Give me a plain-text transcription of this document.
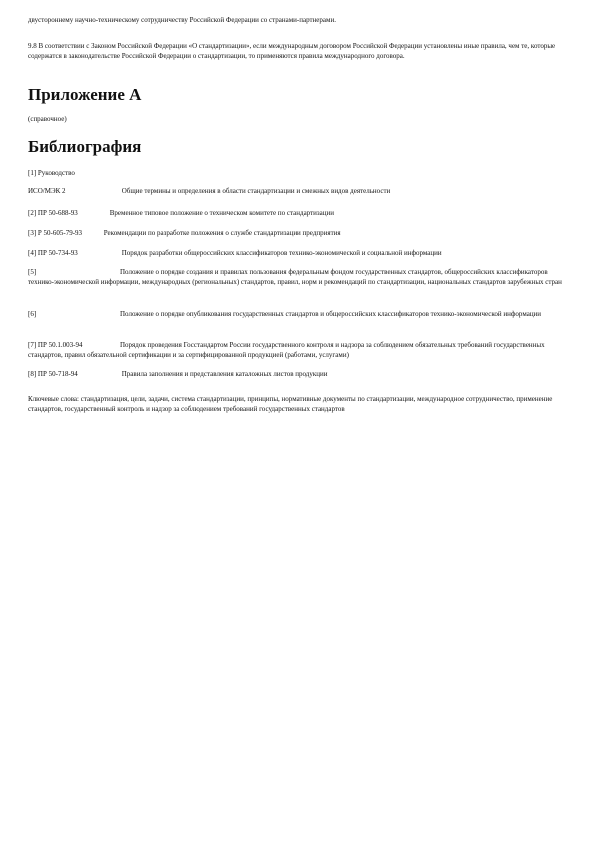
двустороннему научно-техническому сотрудничеству Российской Федерации со странами-партнерами.

9.8 В соответствии с Законом Российской Федерации «О стандартизации», если международным договором Российской Федерации установлены иные правила, чем те, которые содержатся в законодательстве Российской Федерации о стандартизации, то применяются правила международного договора.

Приложение А

(справочное)

Библиография
[1] Руководство
ИСО/МЭК 2	Общие термины и определения в области стандартизации и смежных видов деятельности
[2] ПР 50-688-93	Временное типовое положение о техническом комитете по стандартизации
[3] Р 50-605-79-93	Рекомендации по разработке положения о службе стандартизации предприятия
[4] ПР 50-734-93	Порядок разработки общероссийских классификаторов технико-экономической и социальной информации
[5]	Положение о порядке создания и правилах пользования федеральным фондом государственных стандартов, общероссийских классификаторов технико-экономической информации, международных (региональных) стандартов, правил, норм и рекомендаций по стандартизации, национальных стандартов зарубежных стран
[6]	Положение о порядке опубликования государственных стандартов и общероссийских классификаторов технико-экономической информации
[7] ПР 50.1.003-94	Порядок проведения Госстандартом России государственного контроля и надзора за соблюдением обязательных требований государственных стандартов, правил обязательной сертификации и за сертифицированной продукцией (работами, услугами)
[8] ПР 50-718-94	Правила заполнения и представления каталожных листов продукции

Ключевые слова: стандартизация, цели, задачи, система стандартизации, принципы, нормативные документы по стандартизации, международное сотрудничество, применение стандартов, государственный контроль и надзор за соблюдением требований государственных стандартов
